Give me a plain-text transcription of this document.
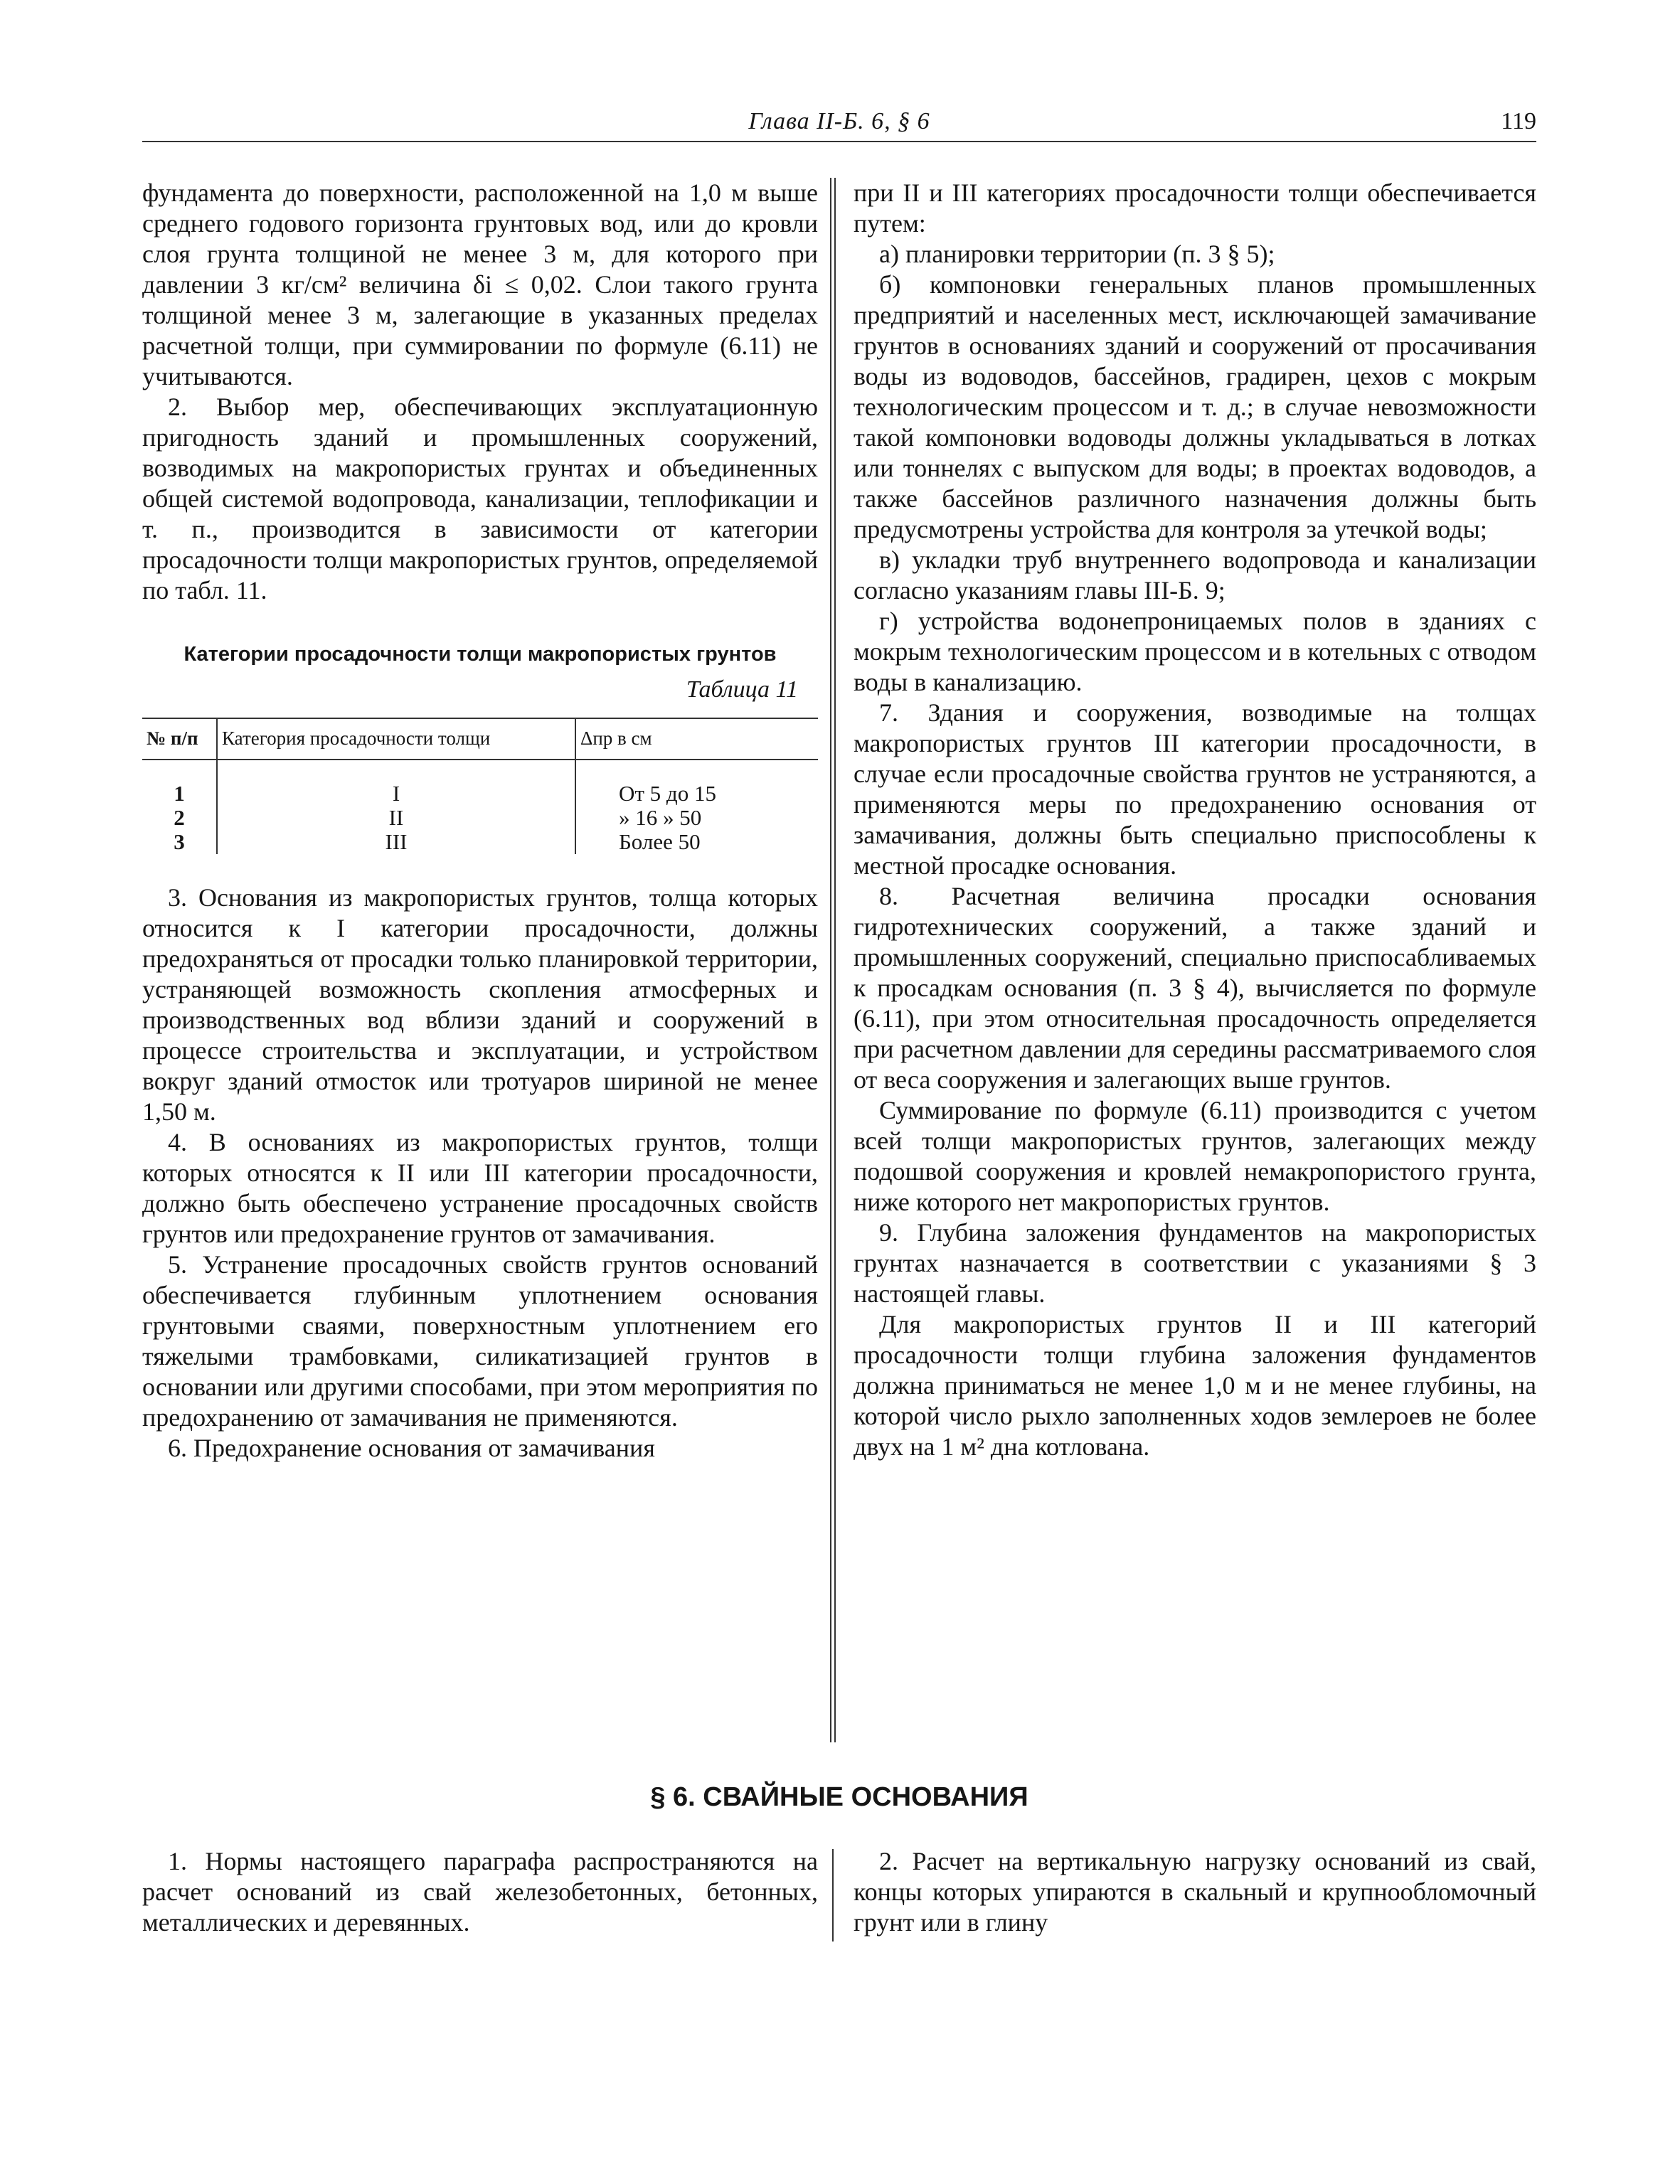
Глава II-Б. 6, § 6	119

фундамента до поверхности, расположенной на 1,0 м выше среднего годового горизонта грунтовых вод, или до кровли слоя грунта толщиной не менее 3 м, для которого при давлении 3 кг/см² величина δi ≤ 0,02. Слои такого грунта толщиной менее 3 м, залегающие в указанных пределах расчетной толщи, при суммировании по формуле (6.11) не учитываются.

2. Выбор мер, обеспечивающих эксплуатационную пригодность зданий и промышленных сооружений, возводимых на макропористых грунтах и объединенных общей системой водопровода, канализации, теплофикации и т. п., производится в зависимости от категории просадочности толщи макропористых грунтов, определяемой по табл. 11.

Категории просадочности толщи макропористых грунтов
Таблица 11
№ п/п	Категория просадочности толщи	Δпр в см
1	I	От 5 до 15
2	II	» 16 » 50
3	III	Более 50

3. Основания из макропористых грунтов, толща которых относится к I категории просадочности, должны предохраняться от просадки только планировкой территории, устраняющей возможность скопления атмосферных и производственных вод вблизи зданий и сооружений в процессе строительства и эксплуатации, и устройством вокруг зданий отмосток или тротуаров шириной не менее 1,50 м.

4. В основаниях из макропористых грунтов, толщи которых относятся к II или III категории просадочности, должно быть обеспечено устранение просадочных свойств грунтов или предохранение грунтов от замачивания.

5. Устранение просадочных свойств грунтов оснований обеспечивается глубинным уплотнением основания грунтовыми сваями, поверхностным уплотнением его тяжелыми трамбовками, силикатизацией грунтов в основании или другими способами, при этом мероприятия по предохранению от замачивания не применяются.

6. Предохранение основания от замачивания

при II и III категориях просадочности толщи обеспечивается путем:

а) планировки территории (п. 3 § 5);

б) компоновки генеральных планов промышленных предприятий и населенных мест, исключающей замачивание грунтов в основаниях зданий и сооружений от просачивания воды из водоводов, бассейнов, градирен, цехов с мокрым технологическим процессом и т. д.; в случае невозможности такой компоновки водоводы должны укладываться в лотках или тоннелях с выпуском для воды; в проектах водоводов, а также бассейнов различного назначения должны быть предусмотрены устройства для контроля за утечкой воды;

в) укладки труб внутреннего водопровода и канализации согласно указаниям главы III-Б. 9;

г) устройства водонепроницаемых полов в зданиях с мокрым технологическим процессом и в котельных с отводом воды в канализацию.

7. Здания и сооружения, возводимые на толщах макропористых грунтов III категории просадочности, в случае если просадочные свойства грунтов не устраняются, а применяются меры по предохранению основания от замачивания, должны быть специально приспособлены к местной просадке основания.

8. Расчетная величина просадки основания гидротехнических сооружений, а также зданий и промышленных сооружений, специально приспосабливаемых к просадкам основания (п. 3 § 4), вычисляется по формуле (6.11), при этом относительная просадочность определяется при расчетном давлении для середины рассматриваемого слоя от веса сооружения и залегающих выше грунтов.

Суммирование по формуле (6.11) производится с учетом всей толщи макропористых грунтов, залегающих между подошвой сооружения и кровлей немакропористого грунта, ниже которого нет макропористых грунтов.

9. Глубина заложения фундаментов на макропористых грунтах назначается в соответствии с указаниями § 3 настоящей главы.

Для макропористых грунтов II и III категорий просадочности толщи глубина заложения фундаментов должна приниматься не менее 1,0 м и не менее глубины, на которой число рыхло заполненных ходов землероев не более двух на 1 м² дна котлована.

§ 6. СВАЙНЫЕ ОСНОВАНИЯ

1. Нормы настоящего параграфа распространяются на расчет оснований из свай железобетонных, бетонных, металлических и деревянных.

2. Расчет на вертикальную нагрузку оснований из свай, концы которых упираются в скальный и крупнообломочный грунт или в глину
